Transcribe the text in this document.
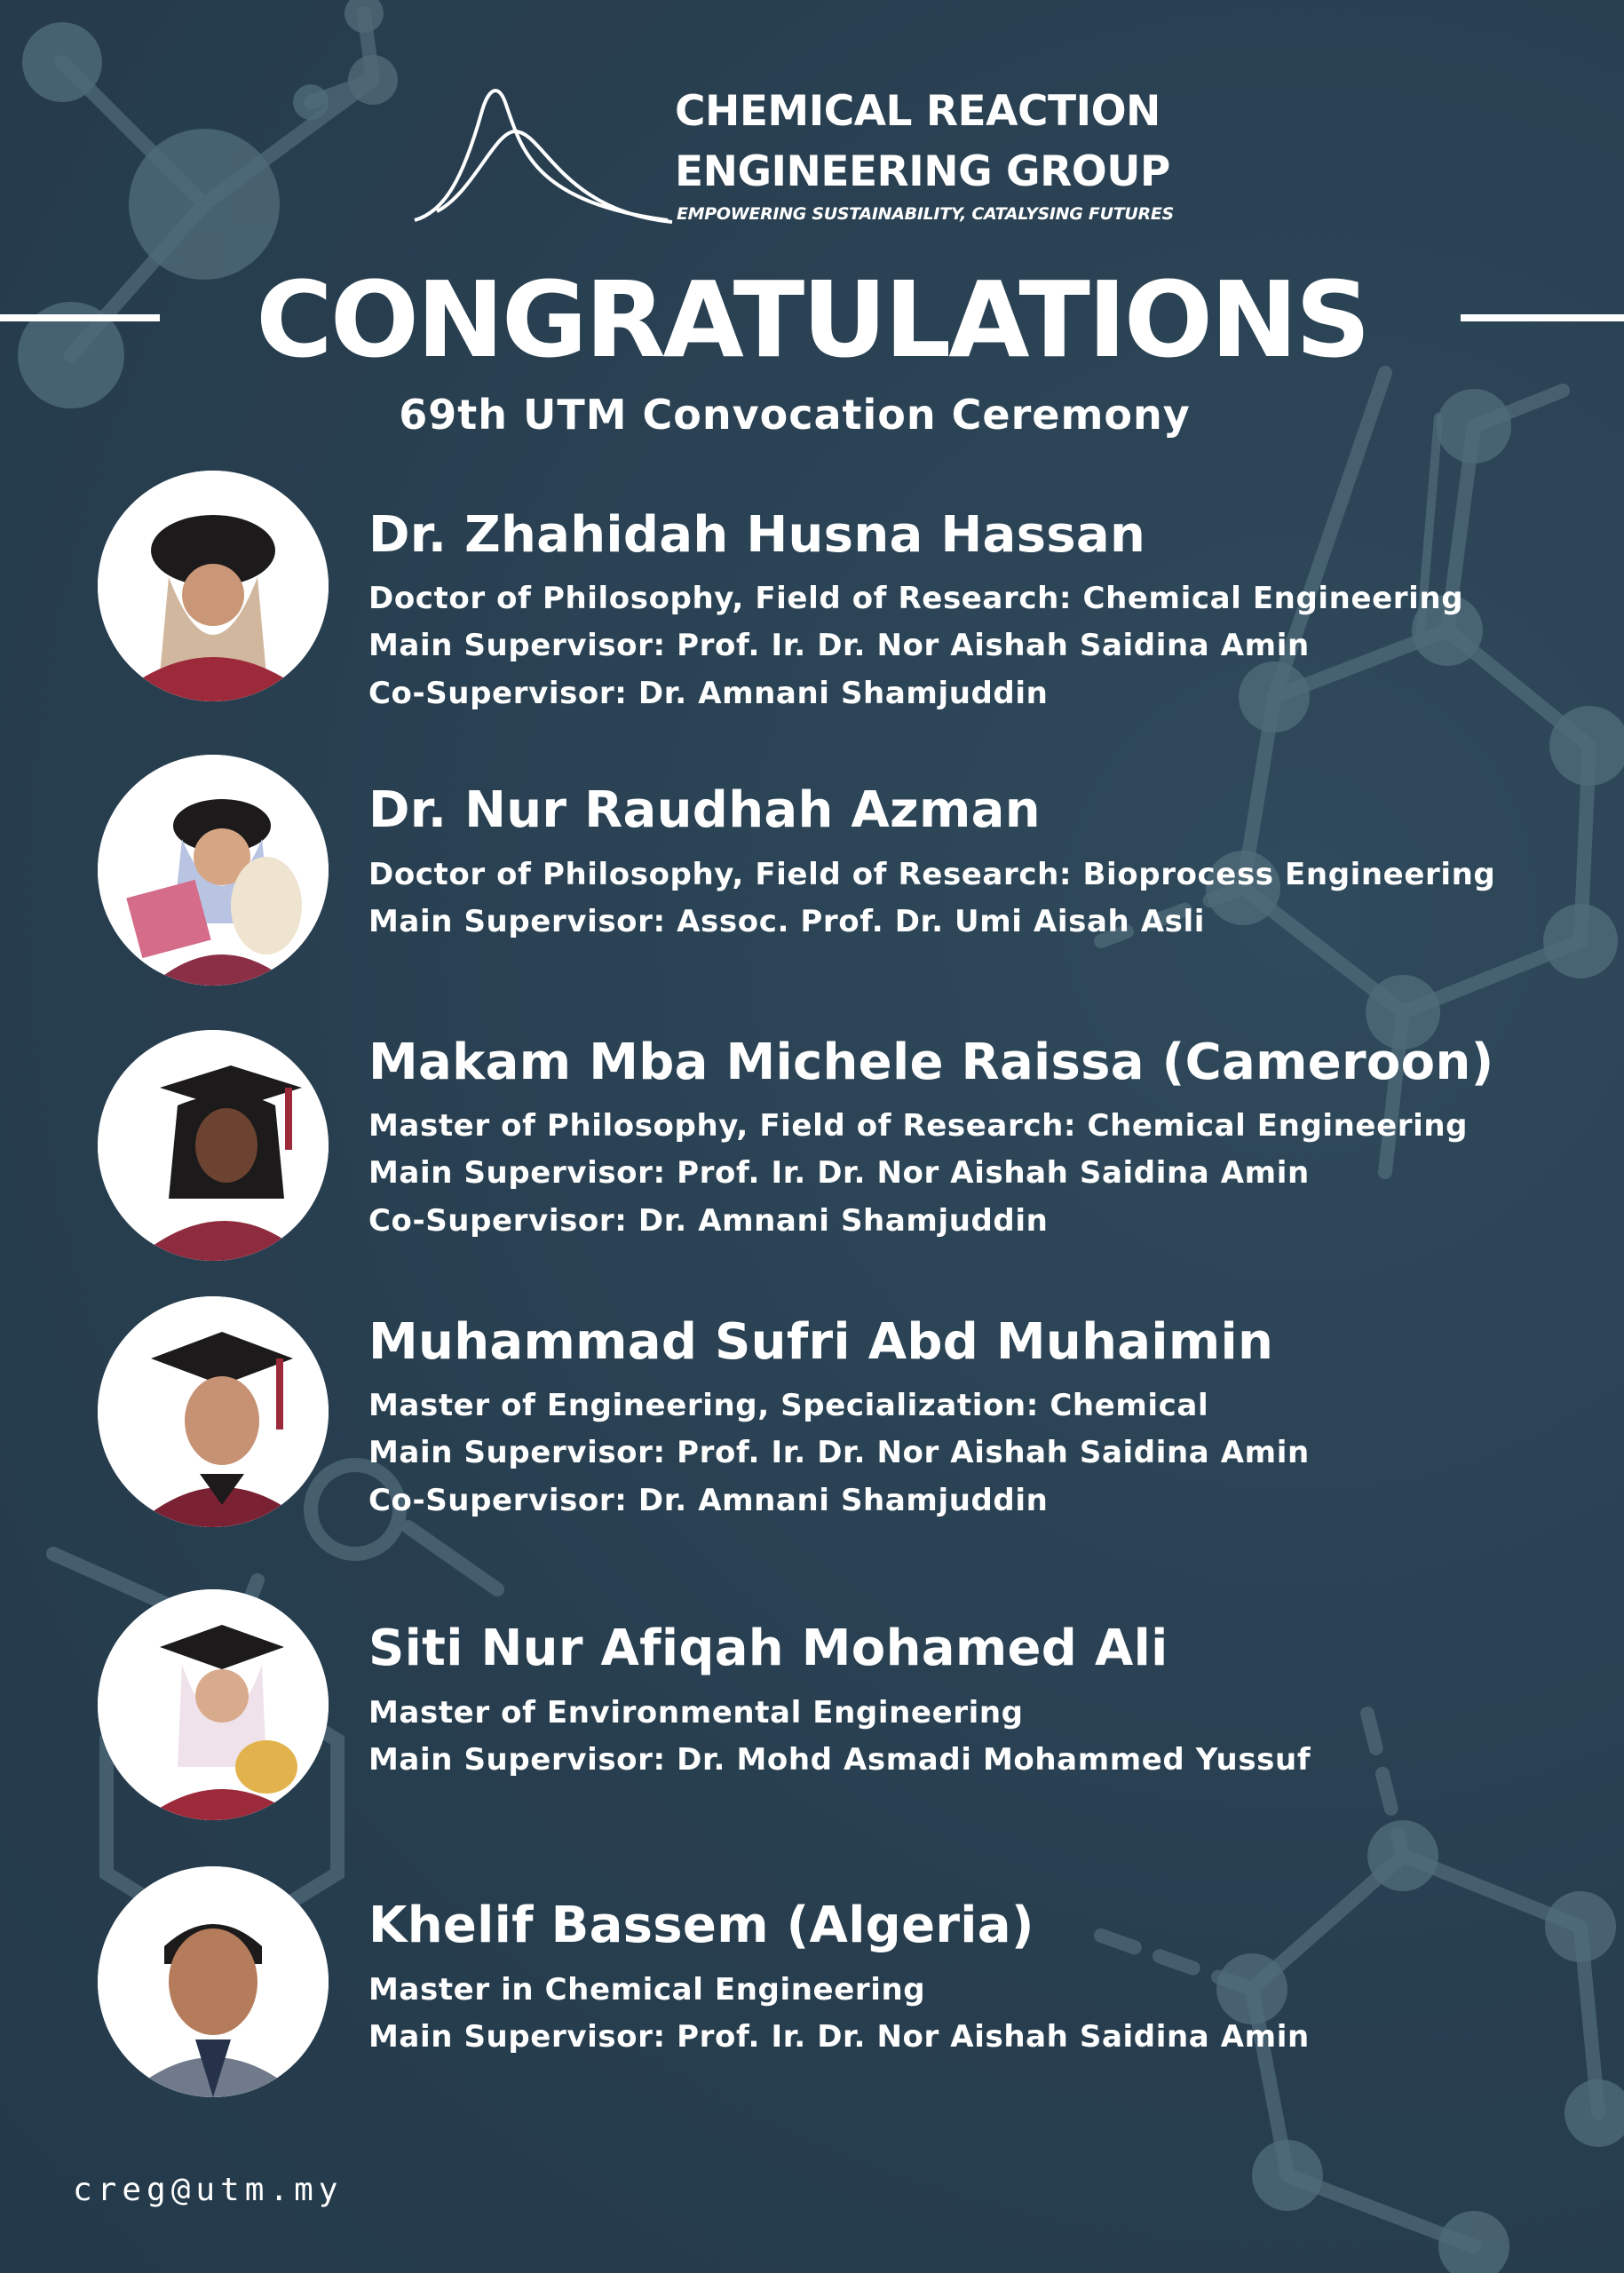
CHEMICAL REACTION
ENGINEERING GROUP
EMPOWERING SUSTAINABILITY, CATALYSING FUTURES
CONGRATULATIONS
69th UTM Convocation Ceremony
Dr. Zhahidah Husna Hassan
Doctor of Philosophy, Field of Research: Chemical Engineering
Main Supervisor: Prof. Ir. Dr. Nor Aishah Saidina Amin
Co-Supervisor: Dr. Amnani Shamjuddin
Dr. Nur Raudhah Azman
Doctor of Philosophy, Field of Research: Bioprocess Engineering
Main Supervisor: Assoc. Prof. Dr. Umi Aisah Asli
Makam Mba Michele Raissa (Cameroon)
Master of Philosophy, Field of Research: Chemical Engineering
Main Supervisor: Prof. Ir. Dr. Nor Aishah Saidina Amin
Co-Supervisor: Dr. Amnani Shamjuddin
Muhammad Sufri Abd Muhaimin
Master of Engineering, Specialization: Chemical
Main Supervisor: Prof. Ir. Dr. Nor Aishah Saidina Amin
Co-Supervisor: Dr. Amnani Shamjuddin
Siti Nur Afiqah Mohamed Ali
Master of Environmental Engineering
Main Supervisor: Dr. Mohd Asmadi Mohammed Yussuf
Khelif Bassem (Algeria)
Master in Chemical Engineering
Main Supervisor: Prof. Ir. Dr. Nor Aishah Saidina Amin
creg@utm.my
